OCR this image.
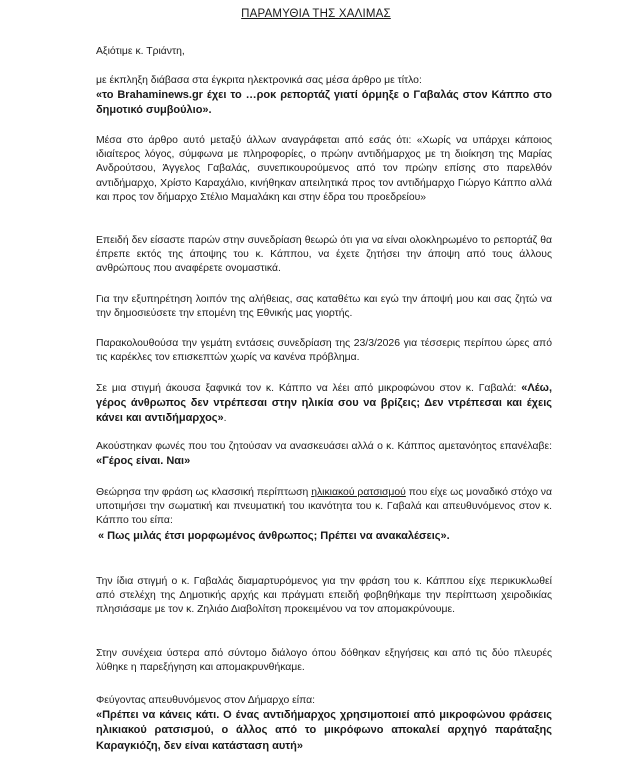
ΠΑΡΑΜΥΘΙΑ ΤΗΣ ΧΑΛΙΜΑΣ
Αξιότιμε κ. Τριάντη,
με έκπληξη διάβασα στα έγκριτα ηλεκτρονικά σας μέσα άρθρο με τίτλο:
«το Brahaminews.gr έχει το …ροκ ρεπορτάζ γιατί όρμηξε ο Γαβαλάς στον Κάππο στο δημοτικό συμβούλιο».
Μέσα στο άρθρο αυτό μεταξύ άλλων αναγράφεται από εσάς ότι: «Χωρίς να υπάρχει κάποιος ιδιαίτερος λόγος, σύμφωνα με πληροφορίες, ο πρώην αντιδήμαρχος με τη διοίκηση της Μαρίας Ανδρούτσου, Άγγελος Γαβαλάς, συνεπικουρούμενος από τον πρώην επίσης στο παρελθόν αντιδήμαρχο, Χρίστο Καραχάλιο, κινήθηκαν απειλητικά προς τον αντιδήμαρχο Γιώργο Κάππο αλλά και προς τον δήμαρχο Στέλιο Μαμαλάκη και στην έδρα του προεδρείου»
Επειδή δεν είσαστε παρών στην συνεδρίαση θεωρώ ότι για να είναι ολοκληρωμένο το ρεπορτάζ θα έπρεπε εκτός της άποψης του κ. Κάππου, να έχετε ζητήσει την άποψη από τους άλλους ανθρώπους που αναφέρετε ονομαστικά.
Για την εξυπηρέτηση λοιπόν της αλήθειας, σας καταθέτω και εγώ την άποψή μου και σας ζητώ να την δημοσιεύσετε την επομένη της Εθνικής μας γιορτής.
Παρακολουθούσα την γεμάτη εντάσεις συνεδρίαση της 23/3/2026 για τέσσερις περίπου ώρες από τις καρέκλες τον επισκεπτών χωρίς να κανένα πρόβλημα.
Σε μια στιγμή άκουσα ξαφνικά τον κ. Κάππο να λέει από μικροφώνου στον κ. Γαβαλά: «Λέω, γέρος άνθρωπος δεν ντρέπεσαι στην ηλικία σου να βρίζεις; Δεν ντρέπεσαι και έχεις κάνει και αντιδήμαρχος».
Ακούστηκαν φωνές που του ζητούσαν να ανασκευάσει αλλά ο κ. Κάππος αμετανόητος επανέλαβε: «Γέρος είναι. Ναι»
Θεώρησα την φράση ως κλασσική περίπτωση ηλικιακού ρατσισμού που είχε ως μοναδικό στόχο να υποτιμήσει την σωματική και πνευματική του ικανότητα του κ. Γαβαλά και απευθυνόμενος στον κ. Κάππο του είπα:
« Πως μιλάς έτσι μορφωμένος άνθρωπος; Πρέπει να ανακαλέσεις».
Την ίδια στιγμή ο κ. Γαβαλάς διαμαρτυρόμενος για την φράση του κ. Κάππου είχε περικυκλωθεί από στελέχη της Δημοτικής αρχής και πράγματι επειδή φοβηθήκαμε την περίπτωση χειροδικίας πλησιάσαμε με τον κ. Ζηλιάο Διαβολίτση προκειμένου να τον απομακρύνουμε.
Στην συνέχεια ύστερα από σύντομο διάλογο όπου δόθηκαν εξηγήσεις και από τις δύο πλευρές λύθηκε η παρεξήγηση και απομακρυνθήκαμε.
Φεύγοντας απευθυνόμενος στον Δήμαρχο είπα:
«Πρέπει να κάνεις κάτι. Ο ένας αντιδήμαρχος χρησιμοποιεί από μικροφώνου φράσεις ηλικιακού ρατσισμού, ο άλλος από το μικρόφωνο αποκαλεί αρχηγό παράταξης Καραγκιόζη, δεν είναι κατάσταση αυτή»
